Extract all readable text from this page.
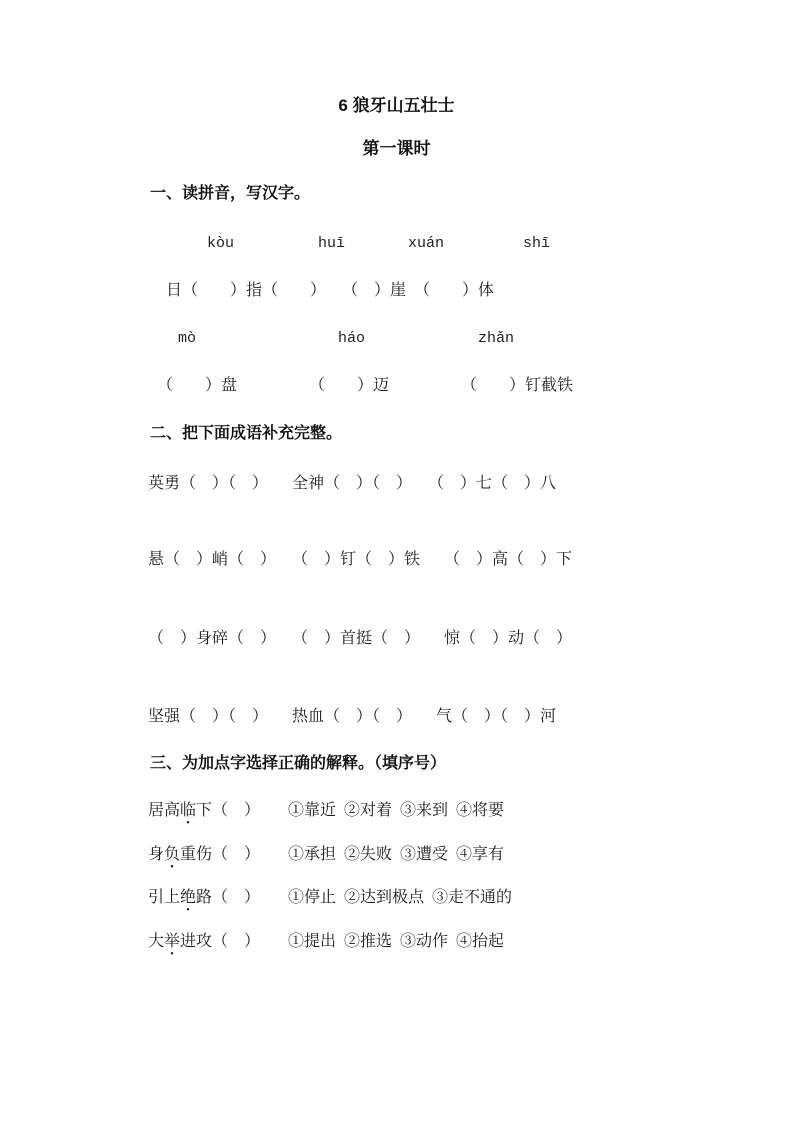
6 狼牙山五壮士
第一课时
一、读拼音，写汉字。
kòu	huī	xuán	shī
日（　　）指（　　）　　（　）崖　（　　）体
mò	háo	zhǎn
（　　）盘　　　　　（　　）迈　　　　　（　　）钉截铁
二、把下面成语补充完整。
英勇（　）（　）　　全神（　）（　）　　（　）七（　）八
悬（　）峭（　）　　（　）钉（　）铁　　（　）高（　）下
（　）身碎（　）　　（　）首挺（　）　　惊（　）动（　）
坚强（　）（　）　　热血（　）（　）　　气（　）（　）河
三、为加点字选择正确的解释。（填序号）
居高临下（　） ①靠近  ②对着  ③来到  ④将要
身负重伤（　） ①承担  ②失败  ③遭受  ④享有
引上绝路（　） ①停止  ②达到极点  ③走不通的
大举进攻（　） ①提出  ②推选  ③动作  ④抬起
